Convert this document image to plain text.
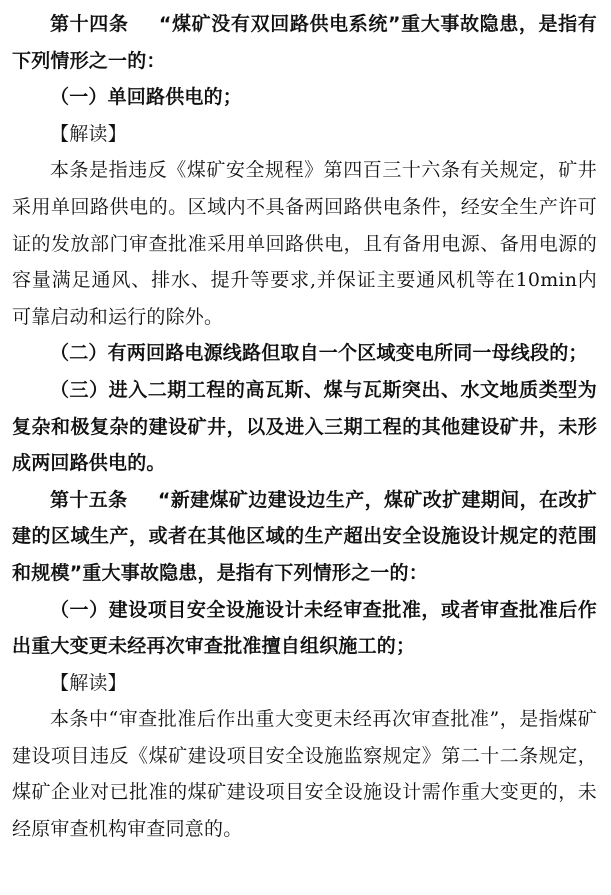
第十四条 “煤矿没有双回路供电系统”重大事故隐患，是指有下列情形之一的：

（一）单回路供电的；

【解读】

本条是指违反《煤矿安全规程》第四百三十六条有关规定，矿井采用单回路供电的。区域内不具备两回路供电条件，经安全生产许可证的发放部门审查批准采用单回路供电，且有备用电源、备用电源的容量满足通风、排水、提升等要求,并保证主要通风机等在10min内可靠启动和运行的除外。

（二）有两回路电源线路但取自一个区域变电所同一母线段的；

（三）进入二期工程的高瓦斯、煤与瓦斯突出、水文地质类型为复杂和极复杂的建设矿井，以及进入三期工程的其他建设矿井，未形成两回路供电的。

第十五条 “新建煤矿边建设边生产，煤矿改扩建期间，在改扩建的区域生产，或者在其他区域的生产超出安全设施设计规定的范围和规模”重大事故隐患，是指有下列情形之一的：

（一）建设项目安全设施设计未经审查批准，或者审查批准后作出重大变更未经再次审查批准擅自组织施工的；

【解读】

本条中“审查批准后作出重大变更未经再次审查批准”，是指煤矿建设项目违反《煤矿建设项目安全设施监察规定》第二十二条规定，煤矿企业对已批准的煤矿建设项目安全设施设计需作重大变更的，未经原审查机构审查同意的。
